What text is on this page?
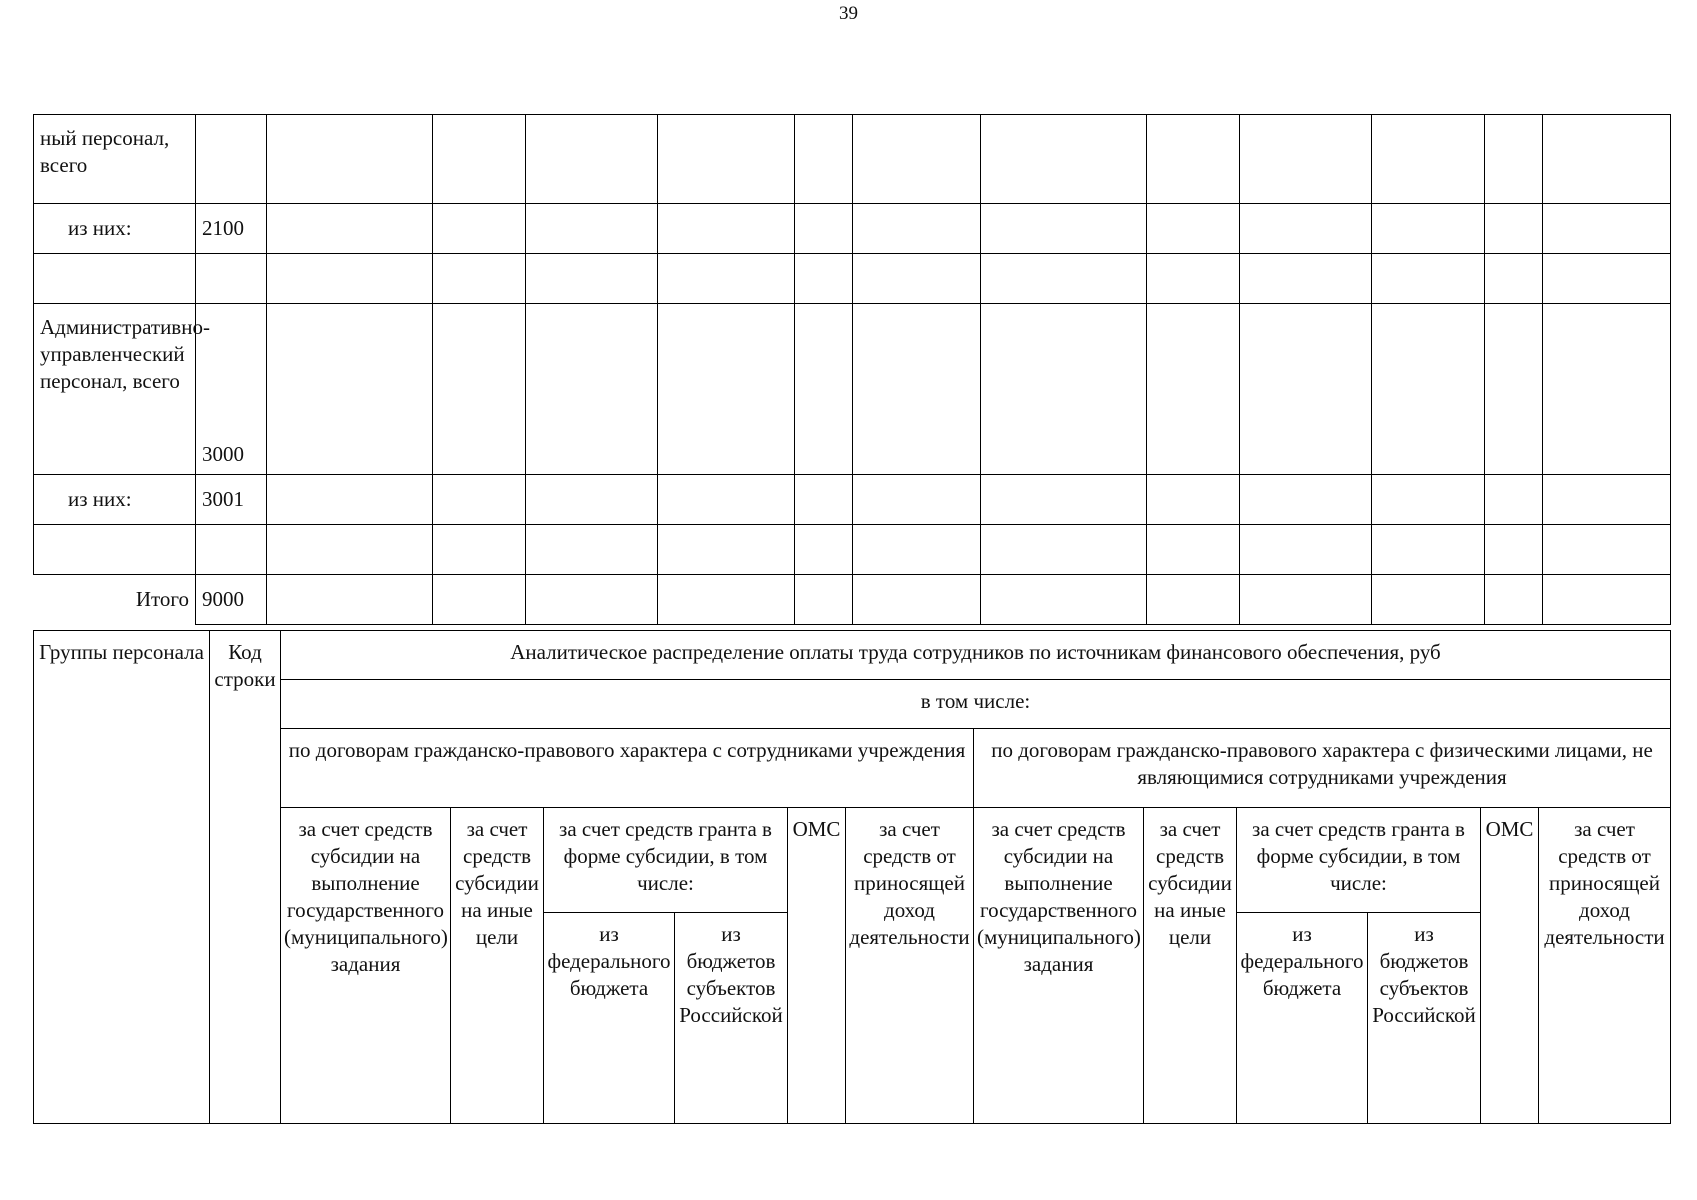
39
ный персонал, всего													
из них:	2100												

Административно-управленческий персонал, всего	3000												
из них:	3001												

Итого	9000												
Группы персонала	Код строки	Аналитическое распределение оплаты труда сотрудников по источникам финансового обеспечения, руб											
		в том числе:											
		по договорам гражданско-правового характера с сотрудниками учреждения						по договорам гражданско-правового характера с физическими лицами, не являющимися сотрудниками учреждения					
		за счет средств субсидии на выполнение государственного (муниципального) задания	за счет средств субсидии на иные цели	за счет средств гранта в форме субсидии, в том числе:		ОМС	за счет средств от приносящей доход деятельности	за счет средств субсидии на выполнение государственного (муниципального) задания	за счет средств субсидии на иные цели	за счет средств гранта в форме субсидии, в том числе:		ОМС	за счет средств от приносящей доход деятельности
				из федерального бюджета	из бюджетов субъектов Российской					из федерального бюджета	из бюджетов субъектов Российской		
